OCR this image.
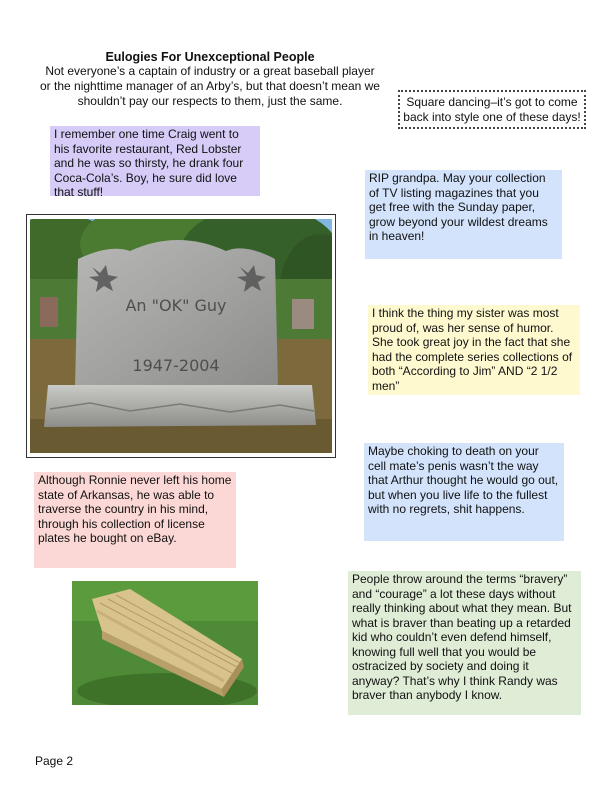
Eulogies For Unexceptional People
Not everyone’s a captain of industry or a great baseball player or the nighttime manager of an Arby’s, but that doesn’t mean we shouldn’t pay our respects to them, just the same.	Square dancing–it’s got to come back into style one of these days!
I remember one time Craig went to his favorite restaurant, Red Lobster and he was so thirsty, he drank four Coca-Cola’s. Boy, he sure did love that stuff!
RIP grandpa. May your collection of TV listing magazines that you get free with the Sunday paper, grow beyond your wildest dreams in heaven!
I think the thing my sister was most proud of, was her sense of humor. She took great joy in the fact that she had the complete series collections of both “According to Jim” AND “2 1/2 men”
Maybe choking to death on your cell mate’s penis wasn’t the way that Arthur thought he would go out, but when you live life to the fullest with no regrets, shit happens.
Although Ronnie never left his home state of Arkansas, he was able to traverse the country in his mind, through his collection of license plates he bought on eBay.
People throw around the terms “bravery” and “courage” a lot these days without really thinking about what they mean. But what is braver than beating up a retarded kid who couldn’t even defend himself, knowing full well that you would be ostracized by society and doing it anyway? That’s why I think Randy was braver than anybody I know.
An "OK" Guy
1947-2004
Page 2
